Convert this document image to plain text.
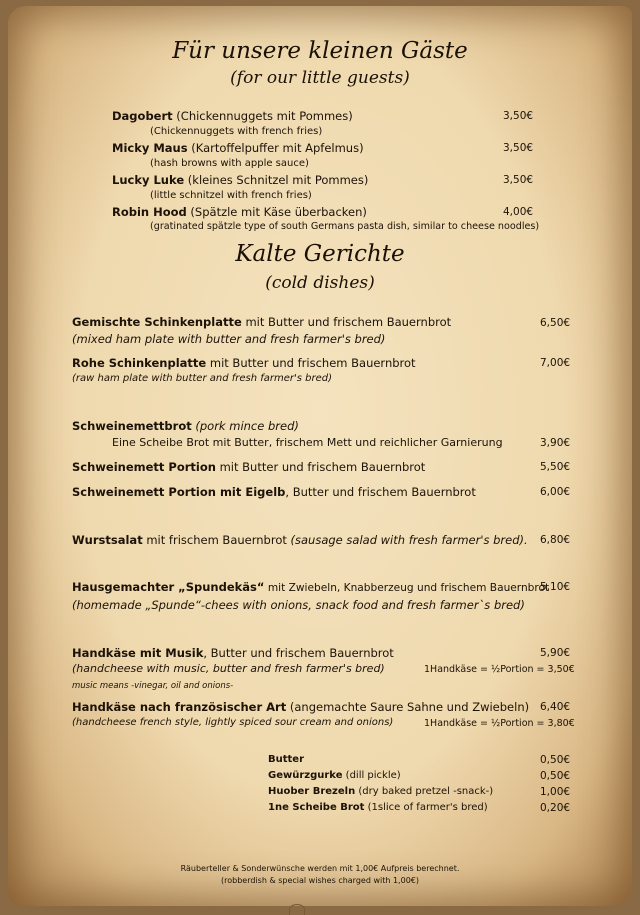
Für unsere kleinen Gäste
(for our little guests)
Dagobert (Chickennuggets mit Pommes)
(Chickennuggets with french fries)
3,50€
Micky Maus (Kartoffelpuffer mit Apfelmus)
(hash browns with apple sauce)
3,50€
Lucky Luke (kleines Schnitzel mit Pommes)
(little schnitzel with french fries)
3,50€
Robin Hood (Spätzle mit Käse überbacken)
(gratinated spätzle type of south Germans pasta dish, similar to cheese noodles)
4,00€
Kalte Gerichte
(cold dishes)
Gemischte Schinkenplatte mit Butter und frischem Bauernbrot
(mixed ham plate with butter and fresh farmer's bred)
6,50€
Rohe Schinkenplatte mit Butter und frischem Bauernbrot
(raw ham plate with butter and fresh farmer's bred)
7,00€
Schweinemettbrot (pork mince bred)
Eine Scheibe Brot mit Butter, frischem Mett und reichlicher Garnierung	3,90€
Schweinemett Portion mit Butter und frischem Bauernbrot	5,50€
Schweinemett Portion mit Eigelb, Butter und frischem Bauernbrot	6,00€
Wurstsalat mit frischem Bauernbrot (sausage salad with fresh farmer's bred). 6,80€
Hausgemachter „Spundekäs“ mit Zwiebeln, Knabberzeug und frischem Bauernbrot
(homemade „Spunde“-chees with onions, snack food and fresh farmer`s bred)
5,10€
Handkäse mit Musik, Butter und frischem Bauernbrot
(handcheese with music, butter and fresh farmer's bred)
music means -vinegar, oil and onions-
5,90€
1Handkäse = ½Portion = 3,50€
Handkäse nach französischer Art (angemachte Saure Sahne und Zwiebeln)
(handcheese french style, lightly spiced sour cream and onions)
6,40€
1Handkäse = ½Portion = 3,80€
Butter	0,50€
Gewürzgurke (dill pickle)	0,50€
Huober Brezeln (dry baked pretzel -snack-)	1,00€
1ne Scheibe Brot (1slice of farmer's bred)	0,20€
Räuberteller & Sonderwünsche werden mit 1,00€ Aufpreis berechnet.
(robberdish & special wishes charged with 1,00€)
